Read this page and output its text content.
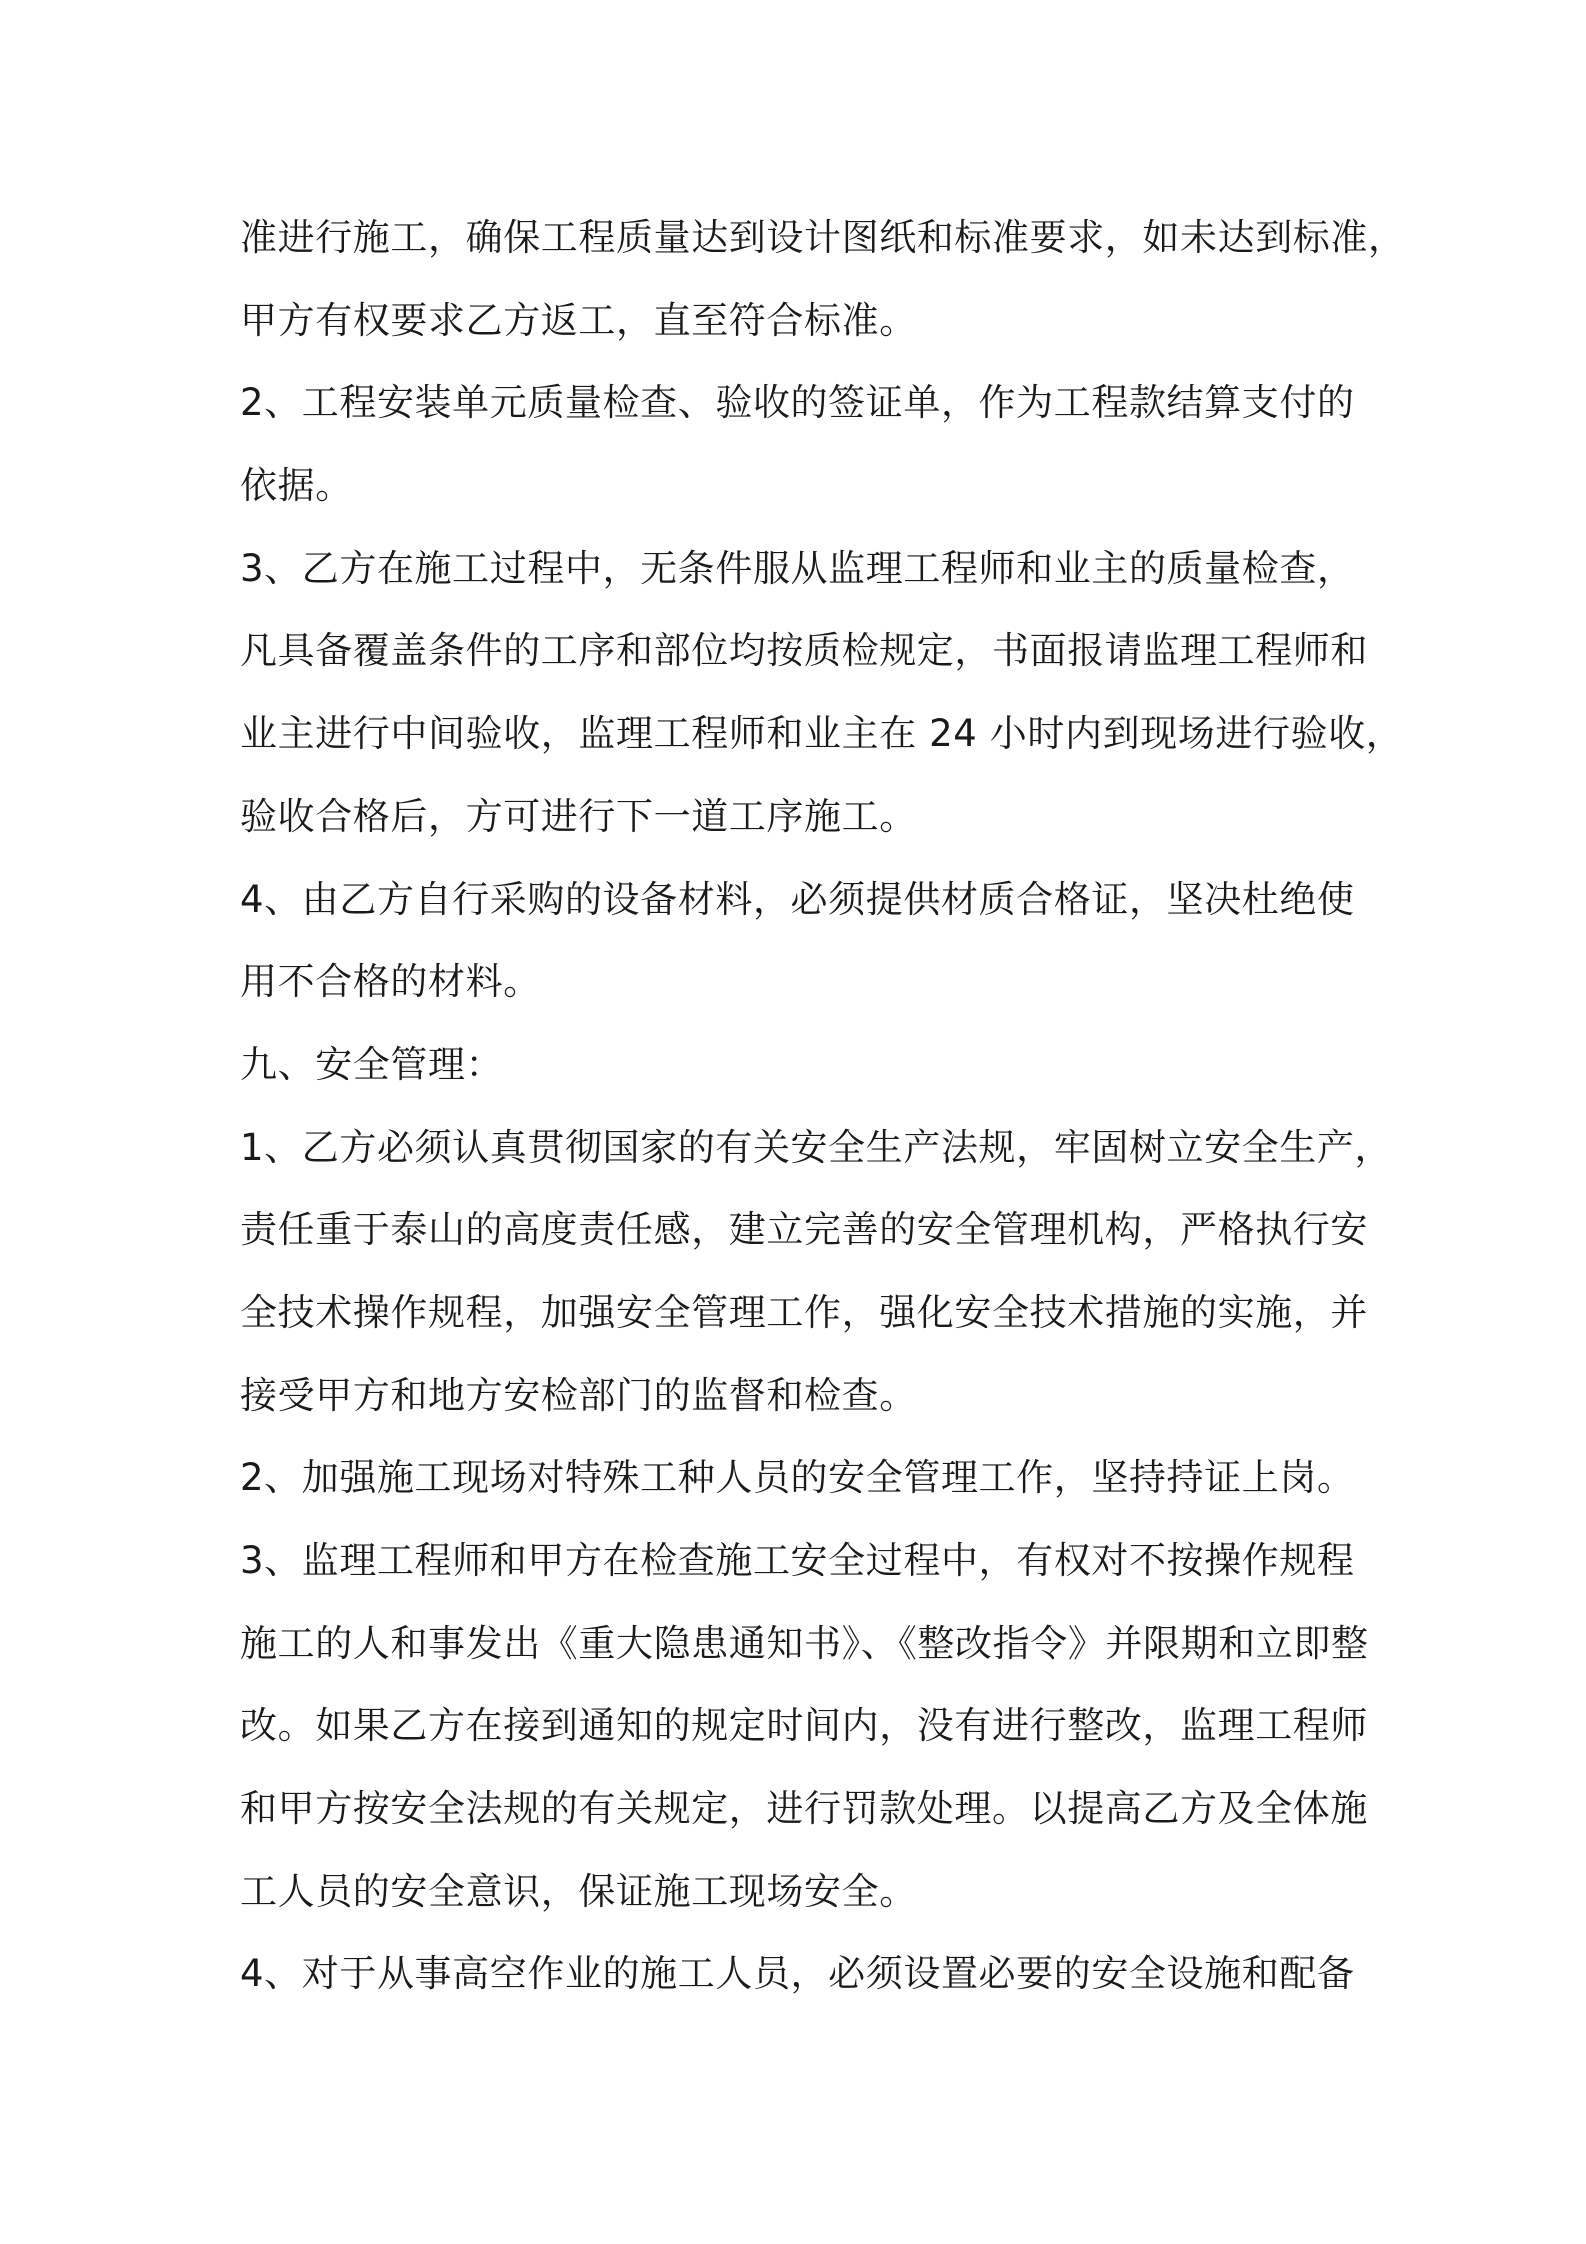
准进行施工，确保工程质量达到设计图纸和标准要求，如未达到标准，
甲方有权要求乙方返工，直至符合标准。
2、工程安装单元质量检查、验收的签证单，作为工程款结算支付的
依据。
3、乙方在施工过程中，无条件服从监理工程师和业主的质量检查，
凡具备覆盖条件的工序和部位均按质检规定，书面报请监理工程师和
业主进行中间验收，监理工程师和业主在 24 小时内到现场进行验收，
验收合格后，方可进行下一道工序施工。
4、由乙方自行采购的设备材料，必须提供材质合格证，坚决杜绝使
用不合格的材料。
九、安全管理：
1、乙方必须认真贯彻国家的有关安全生产法规，牢固树立安全生产，
责任重于泰山的高度责任感，建立完善的安全管理机构，严格执行安
全技术操作规程，加强安全管理工作，强化安全技术措施的实施，并
接受甲方和地方安检部门的监督和检查。
2、加强施工现场对特殊工种人员的安全管理工作，坚持持证上岗。
3、监理工程师和甲方在检查施工安全过程中，有权对不按操作规程
施工的人和事发出《重大隐患通知书》、《整改指令》并限期和立即整
改。如果乙方在接到通知的规定时间内，没有进行整改，监理工程师
和甲方按安全法规的有关规定，进行罚款处理。以提高乙方及全体施
工人员的安全意识，保证施工现场安全。
4、对于从事高空作业的施工人员，必须设置必要的安全设施和配备
